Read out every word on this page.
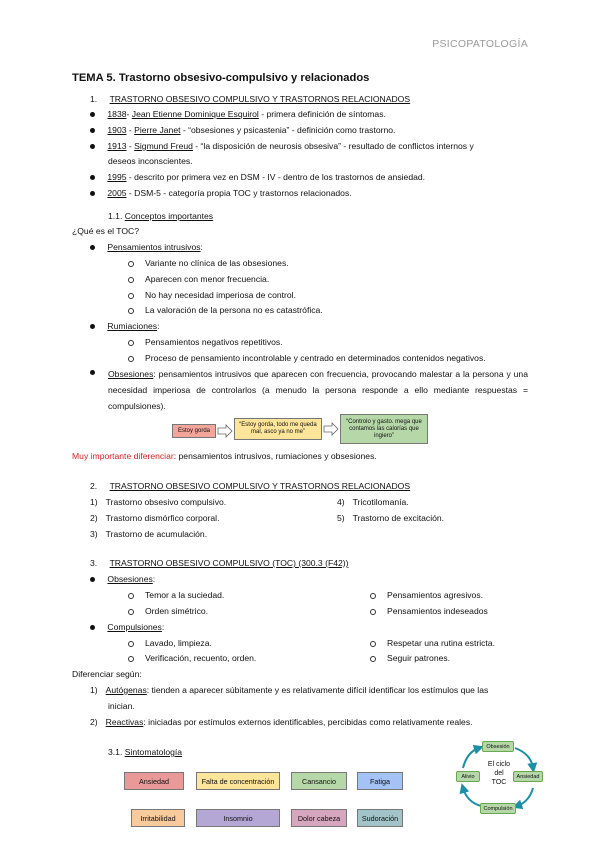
PSICOPATOLOGÍA
TEMA 5. Trastorno obsesivo-compulsivo y relacionados
1. TRASTORNO OBSESIVO COMPULSIVO Y TRASTORNOS RELACIONADOS
1838- Jean Etienne Dominique Esquirol - primera definición de síntomas.
1903 - Pierre Janet - “obsesiones y psicastenia” - definición como trastorno.
1913 - Sigmund Freud - “la disposición de neurosis obsesiva” - resultado de conflictos internos y
deseos inconscientes.
1995 - descrito por primera vez en DSM - IV - dentro de los trastornos de ansiedad.
2005 - DSM-5 - categoría propia TOC y trastornos relacionados.
1.1. Conceptos importantes
¿Qué es el TOC?
Pensamientos intrusivos:
Variante no clínica de las obsesiones.
Aparecen con menor frecuencia.
No hay necesidad imperiosa de control.
La valoración de la persona no es catastrófica.
Rumiaciones:
Pensamientos negativos repetitivos.
Proceso de pensamiento incontrolable y centrado en determinados contenidos negativos.
Obsesiones: pensamientos intrusivos que aparecen con frecuencia, provocando malestar a la persona y una necesidad imperiosa de controlarlos (a menudo la persona responde a ello mediante respuestas = compulsiones).
Estoy gorda
“Estoy gorda, todo me queda mal, asco ya no me”
“Controlo y gasto. mega que contamos las calorías que ingiero”
Muy importante diferenciar: pensamientos intrusivos, rumiaciones y obsesiones.
2. TRASTORNO OBSESIVO COMPULSIVO Y TRASTORNOS RELACIONADOS
1) Trastorno obsesivo compulsivo.
2) Trastorno dismórfico corporal.
3) Trastorno de acumulación.
4) Tricotilomanía.
5) Trastorno de excitación.
3. TRASTORNO OBSESIVO COMPULSIVO (TOC) (300.3 (F42))
Obsesiones:
Temor a la suciedad.
Orden simétrico.
Pensamientos agresivos.
Pensamientos indeseados
Compulsiones:
Lavado, limpieza.
Verificación, recuento, orden.
Respetar una rutina estricta.
Seguir patrones.
Diferenciar según:
1) Autógenas: tienden a aparecer súbitamente y es relativamente difícil identificar los estímulos que las
inician.
2) Reactivas: iniciadas por estímulos externos identificables, percibidas como relativamente reales.
3.1. Sintomatología
Ansiedad	Falta de concentración	Cansancio	Fatiga
Irritabilidad	Insomnio	Dolor cabeza	Sudoración
El ciclo
del
TOC
Obsesión
Ansiedad
Compulsión
Alivio
